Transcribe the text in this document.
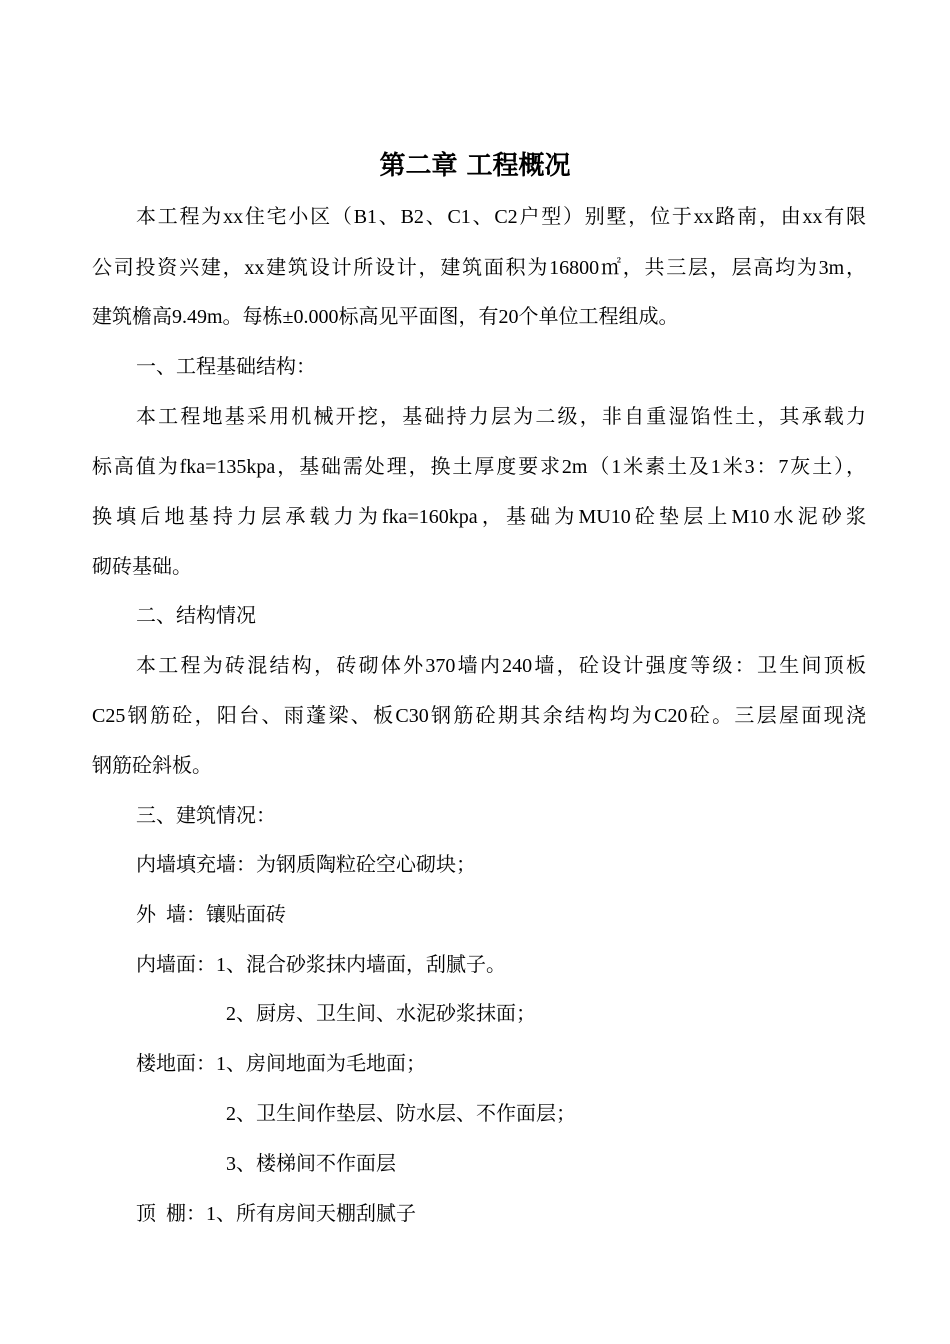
第二章 工程概况
本工程为xx住宅小区（B1、B2、C1、C2户型）别墅，位于xx路南，由xx有限
公司投资兴建，xx建筑设计所设计，建筑面积为16800㎡，共三层，层高均为3m，
建筑檐高9.49m。每栋±0.000标高见平面图，有20个单位工程组成。
一、工程基础结构：
本工程地基采用机械开挖，基础持力层为二级，非自重湿馅性土，其承载力
标高值为fka=135kpa，基础需处理，换土厚度要求2m（1米素土及1米3：7灰土），
换填后地基持力层承载力为fka=160kpa，基础为MU10砼垫层上M10水泥砂浆
砌砖基础。
二、结构情况
本工程为砖混结构，砖砌体外370墙内240墙，砼设计强度等级：卫生间顶板
C25钢筋砼，阳台、雨蓬梁、板C30钢筋砼期其余结构均为C20砼。三层屋面现浇
钢筋砼斜板。
三、建筑情况：
内墙填充墙：为钢质陶粒砼空心砌块；
外  墙：镶贴面砖
内墙面：1、混合砂浆抹内墙面，刮腻子。
2、厨房、卫生间、水泥砂浆抹面；
楼地面：1、房间地面为毛地面；
2、卫生间作垫层、防水层、不作面层；
3、楼梯间不作面层
顶  棚：1、所有房间天棚刮腻子
